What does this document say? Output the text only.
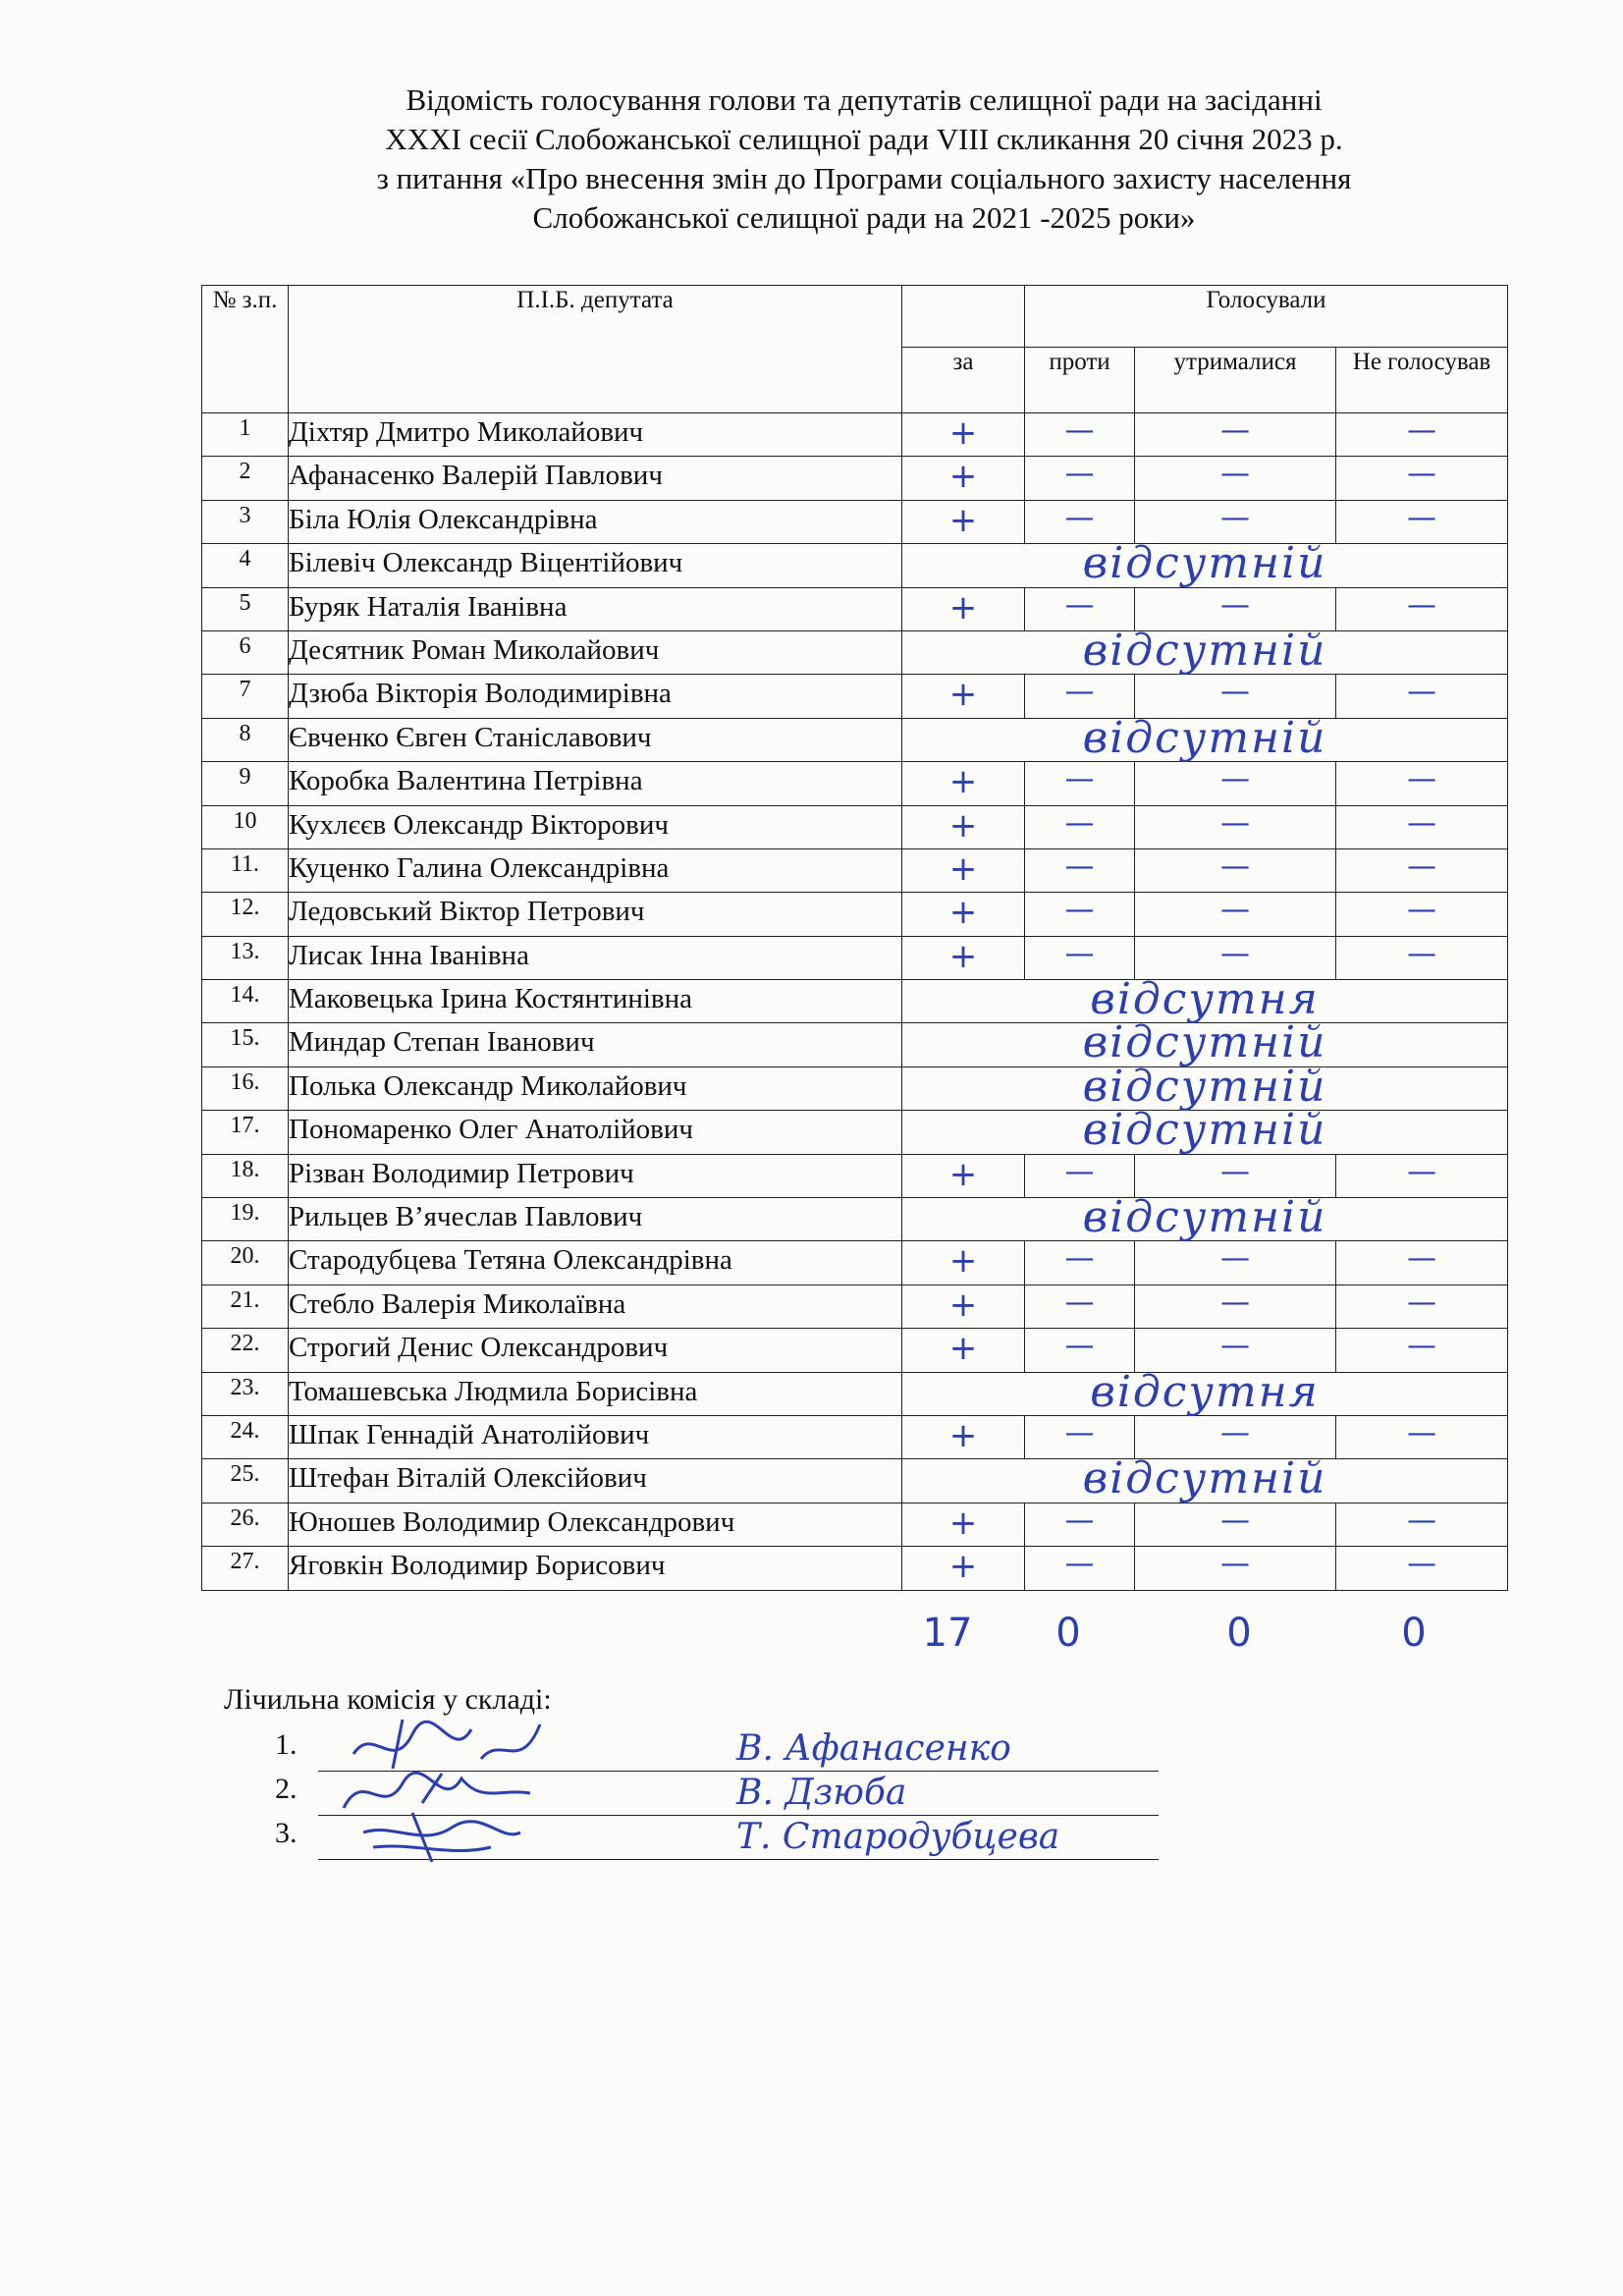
Відомість голосування голови та депутатів селищної ради на засіданні
XXXI сесії Слобожанської селищної ради VIII скликання 20 січня 2023 р.
з питання «Про внесення змін до Програми соціального захисту населення
Слобожанської селищної ради на 2021 -2025 роки»
№ з.п.	П.І.Б. депутата		Голосували		
		за	проти	утрималися	Не голосував
1	Діхтяр Дмитро Миколайович	+	—	—	—
2	Афанасенко Валерій Павлович	+	—	—	—
3	Біла Юлія Олександрівна	+	—	—	—
4	Білевіч Олександр Віцентійович	відсутній			
5	Буряк Наталія Іванівна	+	—	—	—
6	Десятник Роман Миколайович	відсутній			
7	Дзюба Вікторія Володимирівна	+	—	—	—
8	Євченко Євген Станіславович	відсутній			
9	Коробка Валентина Петрівна	+	—	—	—
10	Кухлєєв Олександр Вікторович	+	—	—	—
11.	Куценко Галина Олександрівна	+	—	—	—
12.	Ледовський Віктор Петрович	+	—	—	—
13.	Лисак Інна Іванівна	+	—	—	—
14.	Маковецька Ірина Костянтинівна	відсутня			
15.	Миндар Степан Іванович	відсутній			
16.	Полька Олександр Миколайович	відсутній			
17.	Пономаренко Олег Анатолійович	відсутній			
18.	Різван Володимир Петрович	+	—	—	—
19.	Рильцев В’ячеслав Павлович	відсутній			
20.	Стародубцева Тетяна Олександрівна	+	—	—	—
21.	Стебло Валерія Миколаївна	+	—	—	—
22.	Строгий Денис Олександрович	+	—	—	—
23.	Томашевська Людмила Борисівна	відсутня			
24.	Шпак Геннадій Анатолійович	+	—	—	—
25.	Штефан Віталій Олексійович	відсутній			
26.	Юношев Володимир Олександрович	+	—	—	—
27.	Яговкін Володимир Борисович	+	—	—	—
17 0	0	0
Лічильна комісія у складі:
1.	В. Афанасенко
2.	В. Дзюба
3.	Т. Стародубцева
